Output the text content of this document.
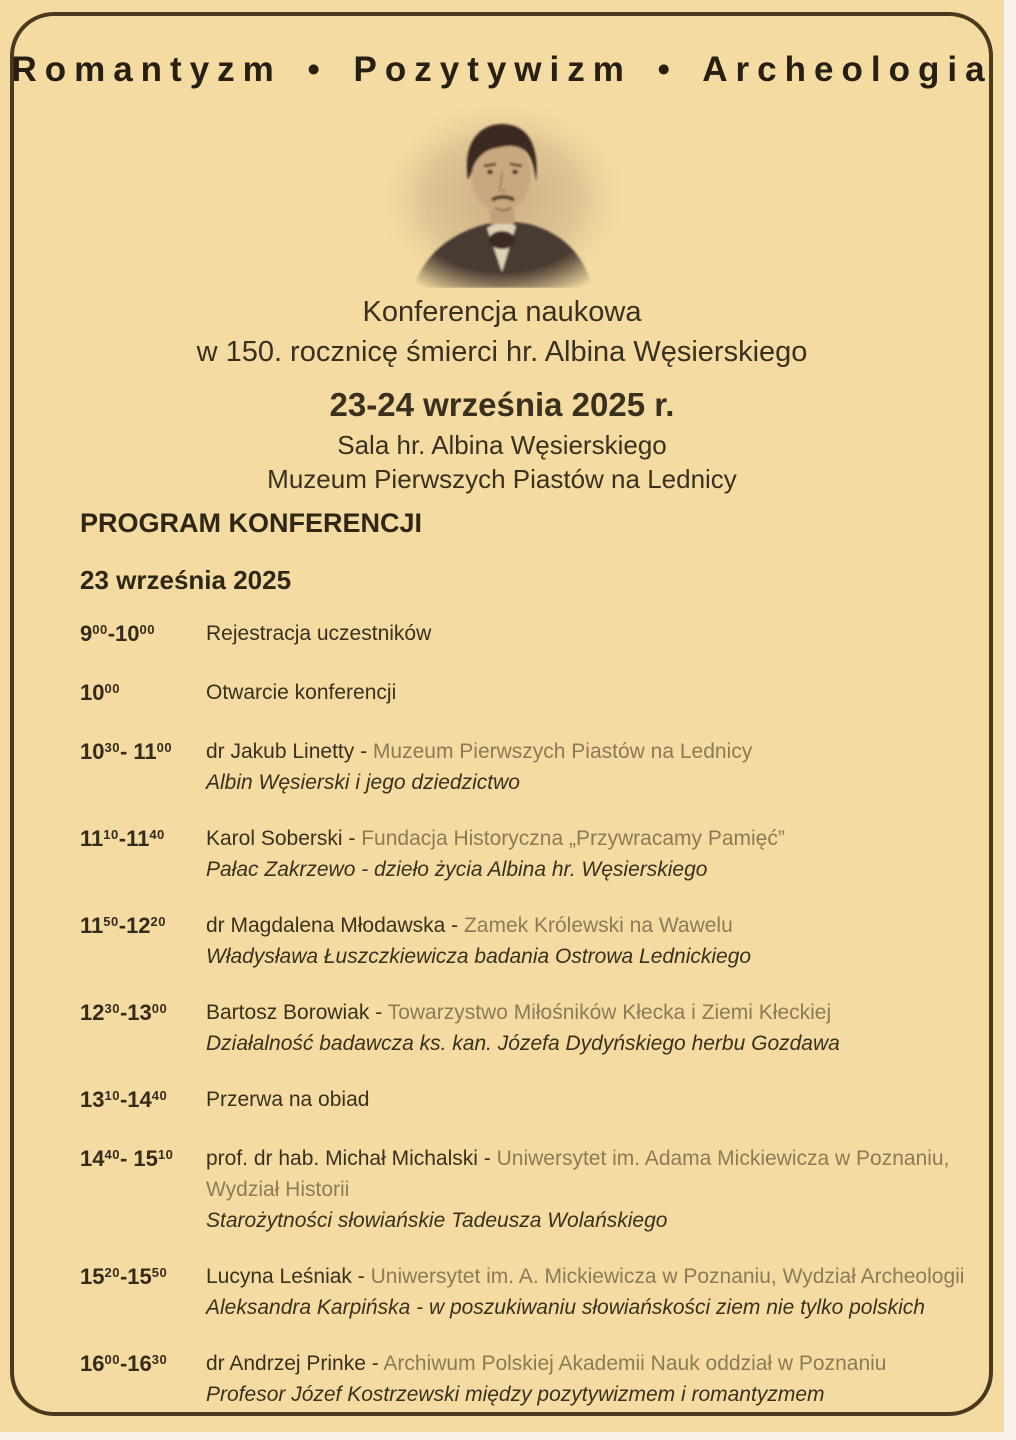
Romantyzm • Pozytywizm • Archeologia
Konferencja naukowa
w 150. rocznicę śmierci hr. Albina Węsierskiego
23-24 września 2025 r.
Sala hr. Albina Węsierskiego
Muzeum Pierwszych Piastów na Lednicy
PROGRAM KONFERENCJI
23 września 2025
$9^{00}-10^{00}$	Rejestracja uczestników
$10^{00}$	Otwarcie konferencji
$10^{30}-$ $11^{00}$	dr Jakub Linetty - Muzeum Pierwszych Piastów na Lednicy
Albin Węsierski i jego dziedzictwo
$11^{10}-11^{40}$	Karol Soberski - Fundacja Historyczna „Przywracamy Pamięć”
Pałac Zakrzewo - dzieło życia Albina hr. Węsierskiego
$11^{50}-12^{20}$	dr Magdalena Młodawska - Zamek Królewski na Wawelu
Władysława Łuszczkiewicza badania Ostrowa Lednickiego
$12^{30}-13^{00}$	Bartosz Borowiak - Towarzystwo Miłośników Kłecka i Ziemi Kłeckiej
Działalność badawcza ks. kan. Józefa Dydyńskiego herbu Gozdawa
$13^{10}-14^{40}$	Przerwa na obiad
$14^{40}-$ $15^{10}$	prof. dr hab. Michał Michalski - Uniwersytet im. Adama Mickiewicza w Poznaniu,
Wydział Historii
Starożytności słowiańskie Tadeusza Wolańskiego
$15^{20}-15^{50}$	Lucyna Leśniak - Uniwersytet im. A. Mickiewicza w Poznaniu, Wydział Archeologii
Aleksandra Karpińska - w poszukiwaniu słowiańskości ziem nie tylko polskich
$16^{00}-16^{30}$	dr Andrzej Prinke - Archiwum Polskiej Akademii Nauk oddział w Poznaniu
Profesor Józef Kostrzewski między pozytywizmem i romantyzmem
